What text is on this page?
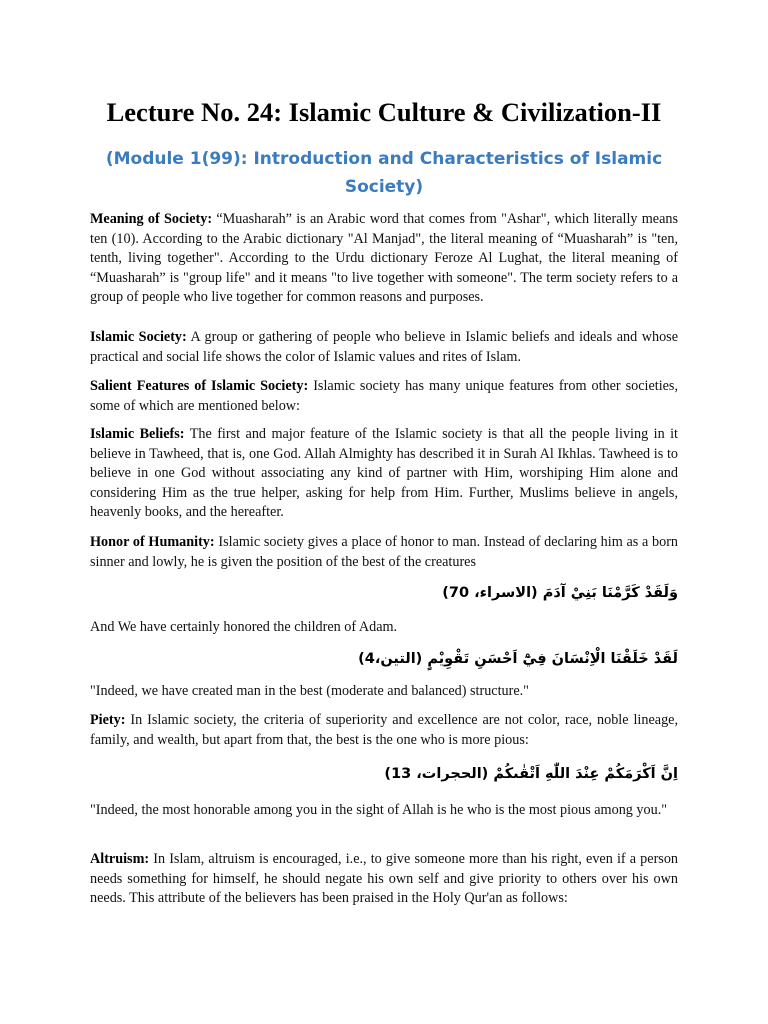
Lecture No. 24: Islamic Culture & Civilization-II
(Module 1(99): Introduction and Characteristics of Islamic Society)

Meaning of Society: “Muasharah” is an Arabic word that comes from "Ashar", which literally means ten (10). According to the Arabic dictionary "Al Manjad", the literal meaning of “Muasharah” is "ten, tenth, living together". According to the Urdu dictionary Feroze Al Lughat, the literal meaning of “Muasharah” is "group life" and it means "to live together with someone". The term society refers to a group of people who live together for common reasons and purposes.

Islamic Society: A group or gathering of people who believe in Islamic beliefs and ideals and whose practical and social life shows the color of Islamic values and rites of Islam.

Salient Features of Islamic Society: Islamic society has many unique features from other societies, some of which are mentioned below:

Islamic Beliefs: The first and major feature of the Islamic society is that all the people living in it believe in Tawheed, that is, one God. Allah Almighty has described it in Surah Al Ikhlas. Tawheed is to believe in one God without associating any kind of partner with Him, worshiping Him alone and considering Him as the true helper, asking for help from Him. Further, Muslims believe in angels, heavenly books, and the hereafter.

Honor of Humanity: Islamic society gives a place of honor to man. Instead of declaring him as a born sinner and lowly, he is given the position of the best of the creatures

وَلَقَدْ كَرَّمْنَا بَنِيْ آدَمَ (الاسراء، 70)

And We have certainly honored the children of Adam.

لَقَدْ خَلَقْنَا الْاِنْسَانَ فِيْٓ اَحْسَنِ تَقْوِيْمٍ (التين،4)

"Indeed, we have created man in the best (moderate and balanced) structure."

Piety: In Islamic society, the criteria of superiority and excellence are not color, race, noble lineage, family, and wealth, but apart from that, the best is the one who is more pious:

اِنَّ اَكْرَمَكُمْ عِنْدَ اللّٰهِ اَتْقٰىكُمْ (الحجرات، 13)

"Indeed, the most honorable among you in the sight of Allah is he who is the most pious among you."

Altruism: In Islam, altruism is encouraged, i.e., to give someone more than his right, even if a person needs something for himself, he should negate his own self and give priority to others over his own needs. This attribute of the believers has been praised in the Holy Qur'an as follows:
